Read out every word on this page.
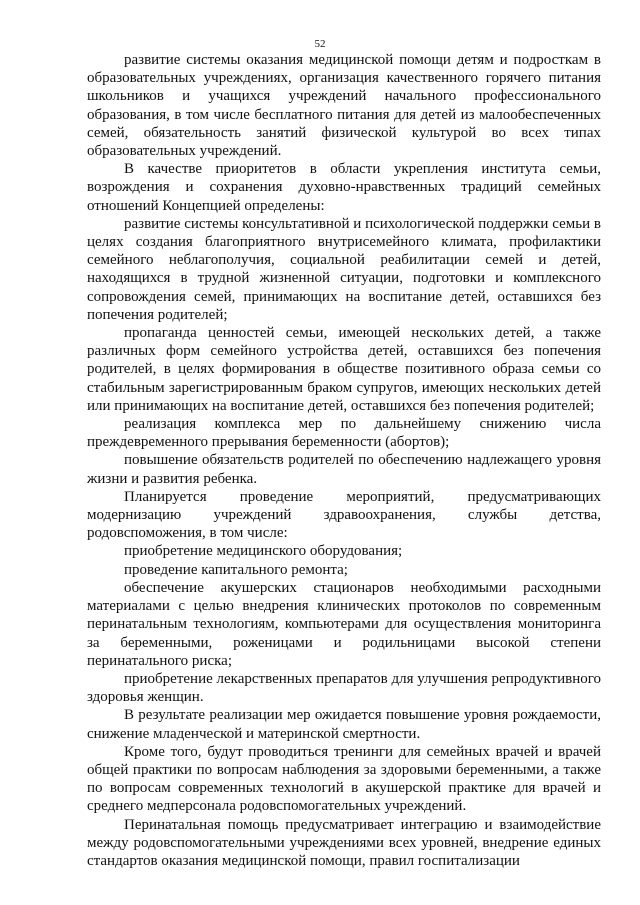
52

развитие системы оказания медицинской помощи детям и подросткам в образовательных учреждениях, организация качественного горячего питания школьников и учащихся учреждений начального профессионального образования, в том числе бесплатного питания для детей из малообеспеченных семей, обязательность занятий физической культурой во всех типах образовательных учреждений.

В качестве приоритетов в области укрепления института семьи, возрождения и сохранения духовно-нравственных традиций семейных отношений Концепцией определены:

развитие системы консультативной и психологической поддержки семьи в целях создания благоприятного внутрисемейного климата, профилактики семейного неблагополучия, социальной реабилитации семей и детей, находящихся в трудной жизненной ситуации, подготовки и комплексного сопровождения семей, принимающих на воспитание детей, оставшихся без попечения родителей;

пропаганда ценностей семьи, имеющей нескольких детей, а также различных форм семейного устройства детей, оставшихся без попечения родителей, в целях формирования в обществе позитивного образа семьи со стабильным зарегистрированным браком супругов, имеющих нескольких детей или принимающих на воспитание детей, оставшихся без попечения родителей;

реализация комплекса мер по дальнейшему снижению числа преждевременного прерывания беременности (абортов);

повышение обязательств родителей по обеспечению надлежащего уровня жизни и развития ребенка.

Планируется проведение мероприятий, предусматривающих модернизацию учреждений здравоохранения, службы детства, родовспоможения, в том числе:

приобретение медицинского оборудования;

проведение капитального ремонта;

обеспечение акушерских стационаров необходимыми расходными материалами с целью внедрения клинических протоколов по современным перинатальным технологиям, компьютерами для осуществления мониторинга за беременными, роженицами и родильницами высокой степени перинатального риска;

приобретение лекарственных препаратов для улучшения репродуктивного здоровья женщин.

В результате реализации мер ожидается повышение уровня рождаемости, снижение младенческой и материнской смертности.

Кроме того, будут проводиться тренинги для семейных врачей и врачей общей практики по вопросам наблюдения за здоровыми беременными, а также по вопросам современных технологий в акушерской практике для врачей и среднего медперсонала родовспомогательных учреждений.

Перинатальная помощь предусматривает интеграцию и взаимодействие между родовспомогательными учреждениями всех уровней, внедрение единых стандартов оказания медицинской помощи, правил госпитализации
